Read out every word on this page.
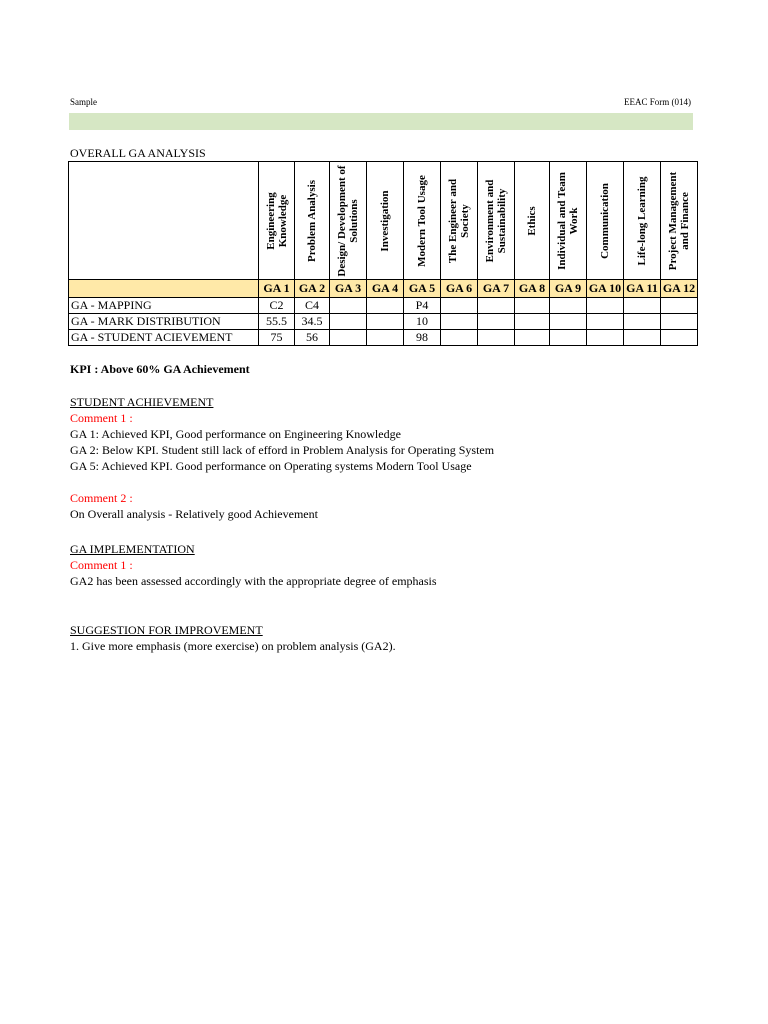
Sample	EEAC Form (014)
OVERALL GA ANALYSIS

	Engineering Knowledge	Problem Analysis	Design/ Development of Solutions	Investigation	Modern Tool Usage	The Engineer and Society	Environment and Sustainability	Ethics	Individual and Team Work	Communication	Life-long Learning	Project Management and Finance

	GA 1	GA 2	GA 3	GA 4	GA 5	GA 6	GA 7	GA 8	GA 9	GA 10	GA 11	GA 12
GA - MAPPING	C2	C4			P4							
GA - MARK DISTRIBUTION	55.5	34.5			10							
GA - STUDENT ACIEVEMENT	75	56			98							
KPI : Above 60% GA Achievement
STUDENT ACHIEVEMENT
Comment 1 :
GA 1: Achieved KPI, Good performance on Engineering Knowledge
GA 2: Below KPI. Student still lack of efford in Problem Analysis for Operating System
GA 5: Achieved KPI. Good performance on Operating systems Modern Tool Usage
Comment 2 :
On Overall analysis - Relatively good Achievement
GA IMPLEMENTATION
Comment 1 :
GA2 has been assessed accordingly with the appropriate degree of emphasis
SUGGESTION FOR IMPROVEMENT
1. Give more emphasis (more exercise) on problem analysis (GA2).
